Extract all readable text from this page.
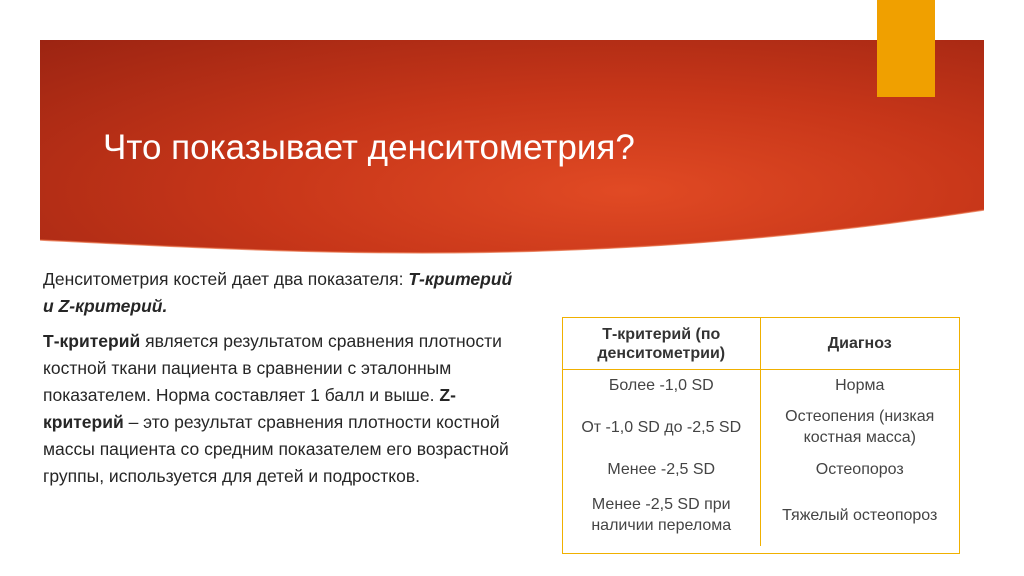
Что показывает денситометрия?

Денситометрия костей дает два показателя: Т-критерий и Z-критерий.

Т-критерий является результатом сравнения плотности костной ткани пациента в сравнении с эталонным показателем. Норма составляет 1 балл и выше. Z-критерий – это результат сравнения плотности костной массы пациента со средним показателем его возрастной группы, используется для детей и подростков.

Т-критерий (по денситометрии)	Диагноз
Более -1,0 SD	Норма
От -1,0 SD до -2,5 SD	Остеопения (низкая костная масса)
Менее -2,5 SD	Остеопороз
Менее -2,5 SD при наличии перелома	Тяжелый остеопороз
